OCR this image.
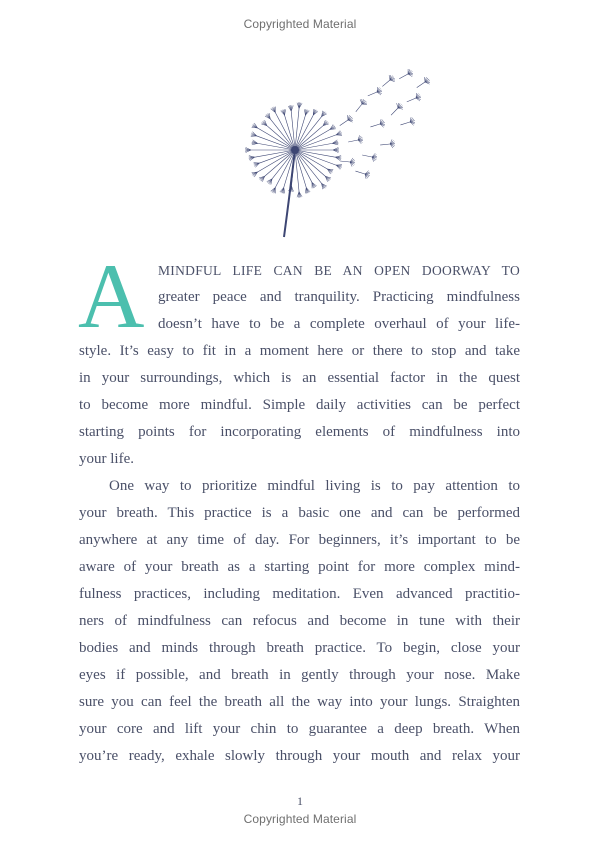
Copyrighted Material
A MINDFUL LIFE CAN BE AN OPEN DOORWAY TO
greater peace and tranquility. Practicing mindfulness
doesn’t have to be a complete overhaul of your life-
style. It’s easy to fit in a moment here or there to stop and take
in your surroundings, which is an essential factor in the quest
to become more mindful. Simple daily activities can be perfect
starting points for incorporating elements of mindfulness into
your life.
One way to prioritize mindful living is to pay attention to
your breath. This practice is a basic one and can be performed
anywhere at any time of day. For beginners, it’s important to be
aware of your breath as a starting point for more complex mind-
fulness practices, including meditation. Even advanced practitio-
ners of mindfulness can refocus and become in tune with their
bodies and minds through breath practice. To begin, close your
eyes if possible, and breath in gently through your nose. Make
sure you can feel the breath all the way into your lungs. Straighten
your core and lift your chin to guarantee a deep breath. When
you’re ready, exhale slowly through your mouth and relax your
1
Copyrighted Material
